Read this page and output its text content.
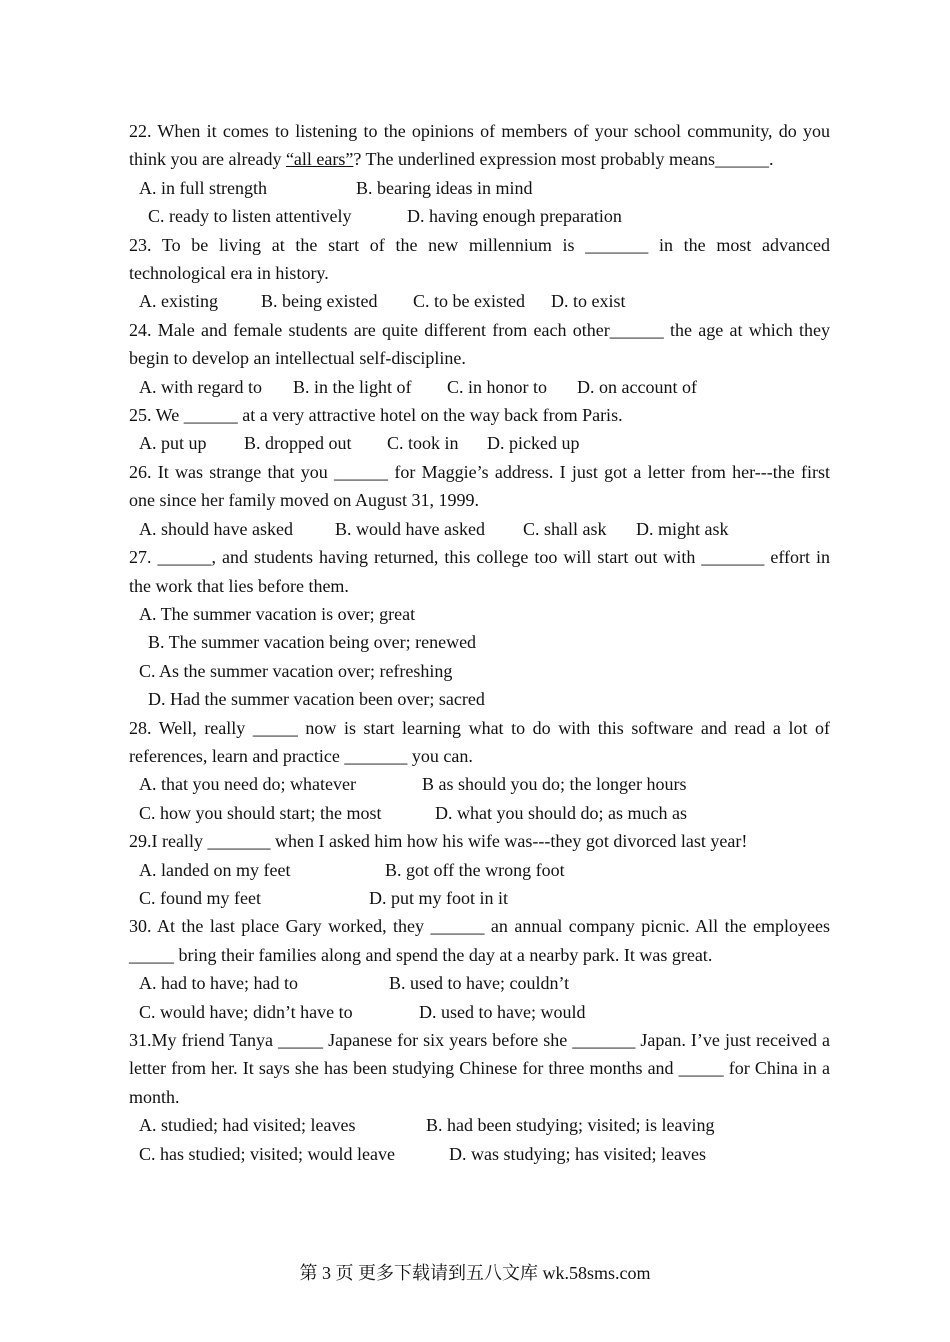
22. When it comes to listening to the opinions of members of your school community, do you think you are already “all ears”? The underlined expression most probably means______.
A. in full strength	B. bearing ideas in mind
C. ready to listen attentively	D. having enough preparation
23. To be living at the start of the new millennium is _______ in the most advanced technological era in history.
A. existing B. being existed C. to be existed D. to exist
24. Male and female students are quite different from each other______ the age at which they begin to develop an intellectual self-discipline.
A. with regard to B. in the light of C. in honor to D. on account of
25. We ______ at a very attractive hotel on the way back from Paris.
A. put up B. dropped out C. took in D. picked up
26. It was strange that you ______ for Maggie’s address. I just got a letter from her---the first one since her family moved on August 31, 1999.
A. should have asked B. would have asked C. shall ask D. might ask
27. ______, and students having returned, this college too will start out with _______ effort in the work that lies before them.
A. The summer vacation is over; great
B. The summer vacation being over; renewed
C. As the summer vacation over; refreshing
D. Had the summer vacation been over; sacred
28. Well, really _____ now is start learning what to do with this software and read a lot of references, learn and practice _______ you can.
A. that you need do; whatever	B as should you do; the longer hours
C. how you should start; the most	D. what you should do; as much as
29.I really _______ when I asked him how his wife was---they got divorced last year!
A. landed on my feet	B. got off the wrong foot
C. found my feet	D. put my foot in it
30. At the last place Gary worked, they ______ an annual company picnic. All the employees _____ bring their families along and spend the day at a nearby park. It was great.
A. had to have; had to	B. used to have; couldn’t
C. would have; didn’t have to	D. used to have; would
31.My friend Tanya _____ Japanese for six years before she _______ Japan. I’ve just received a letter from her. It says she has been studying Chinese for three months and _____ for China in a month.
A. studied; had visited; leaves	B. had been studying; visited; is leaving
C. has studied; visited; would leave	D. was studying; has visited; leaves
第 3 页 更多下载请到五八文库 wk.58sms.com
